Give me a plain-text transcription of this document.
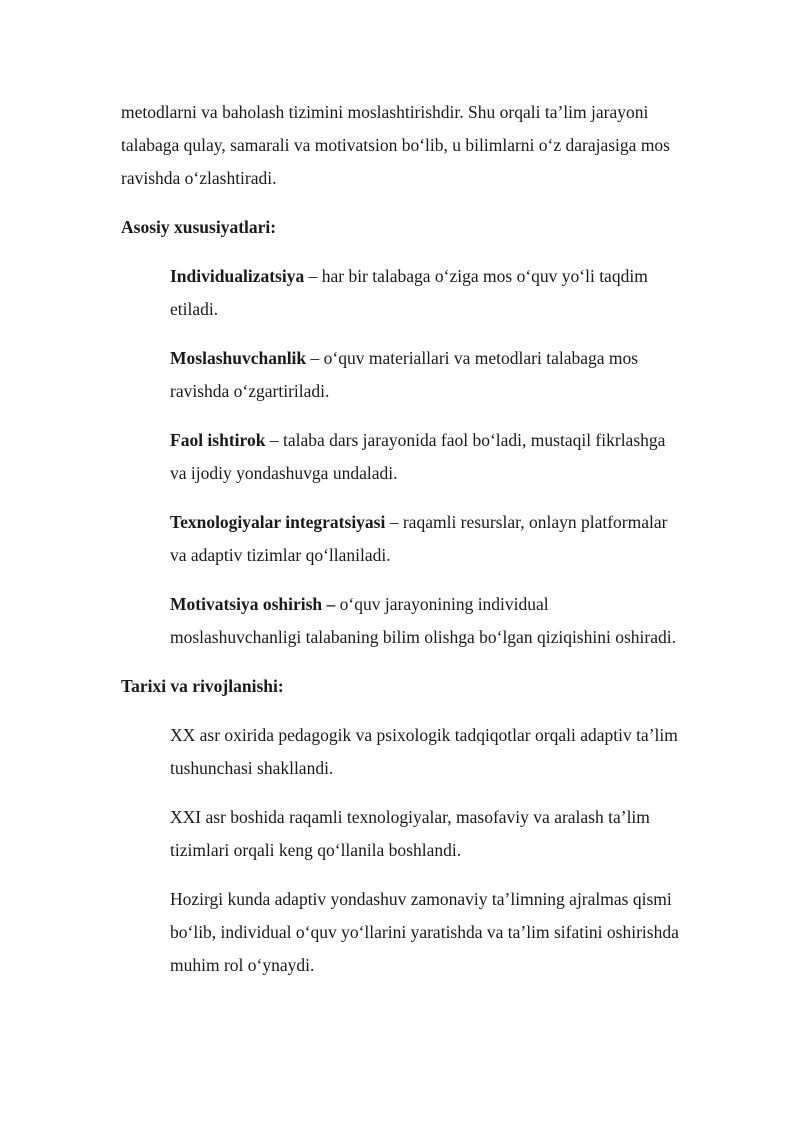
metodlarni va baholash tizimini moslashtirishdir. Shu orqali ta’lim jarayoni talabaga qulay, samarali va motivatsion bo‘lib, u bilimlarni o‘z darajasiga mos ravishda o‘zlashtiradi.

Asosiy xususiyatlari:

Individualizatsiya – har bir talabaga o‘ziga mos o‘quv yo‘li taqdim etiladi.

Moslashuvchanlik – o‘quv materiallari va metodlari talabaga mos ravishda o‘zgartiriladi.

Faol ishtirok – talaba dars jarayonida faol bo‘ladi, mustaqil fikrlashga va ijodiy yondashuvga undaladi.

Texnologiyalar integratsiyasi – raqamli resurslar, onlayn platformalar va adaptiv tizimlar qo‘llaniladi.

Motivatsiya oshirish – o‘quv jarayonining individual moslashuvchanligi talabaning bilim olishga bo‘lgan qiziqishini oshiradi.

Tarixi va rivojlanishi:

XX asr oxirida pedagogik va psixologik tadqiqotlar orqali adaptiv ta’lim tushunchasi shakllandi.

XXI asr boshida raqamli texnologiyalar, masofaviy va aralash ta’lim tizimlari orqali keng qo‘llanila boshlandi.

Hozirgi kunda adaptiv yondashuv zamonaviy ta’limning ajralmas qismi bo‘lib, individual o‘quv yo‘llarini yaratishda va ta’lim sifatini oshirishda muhim rol o‘ynaydi.
